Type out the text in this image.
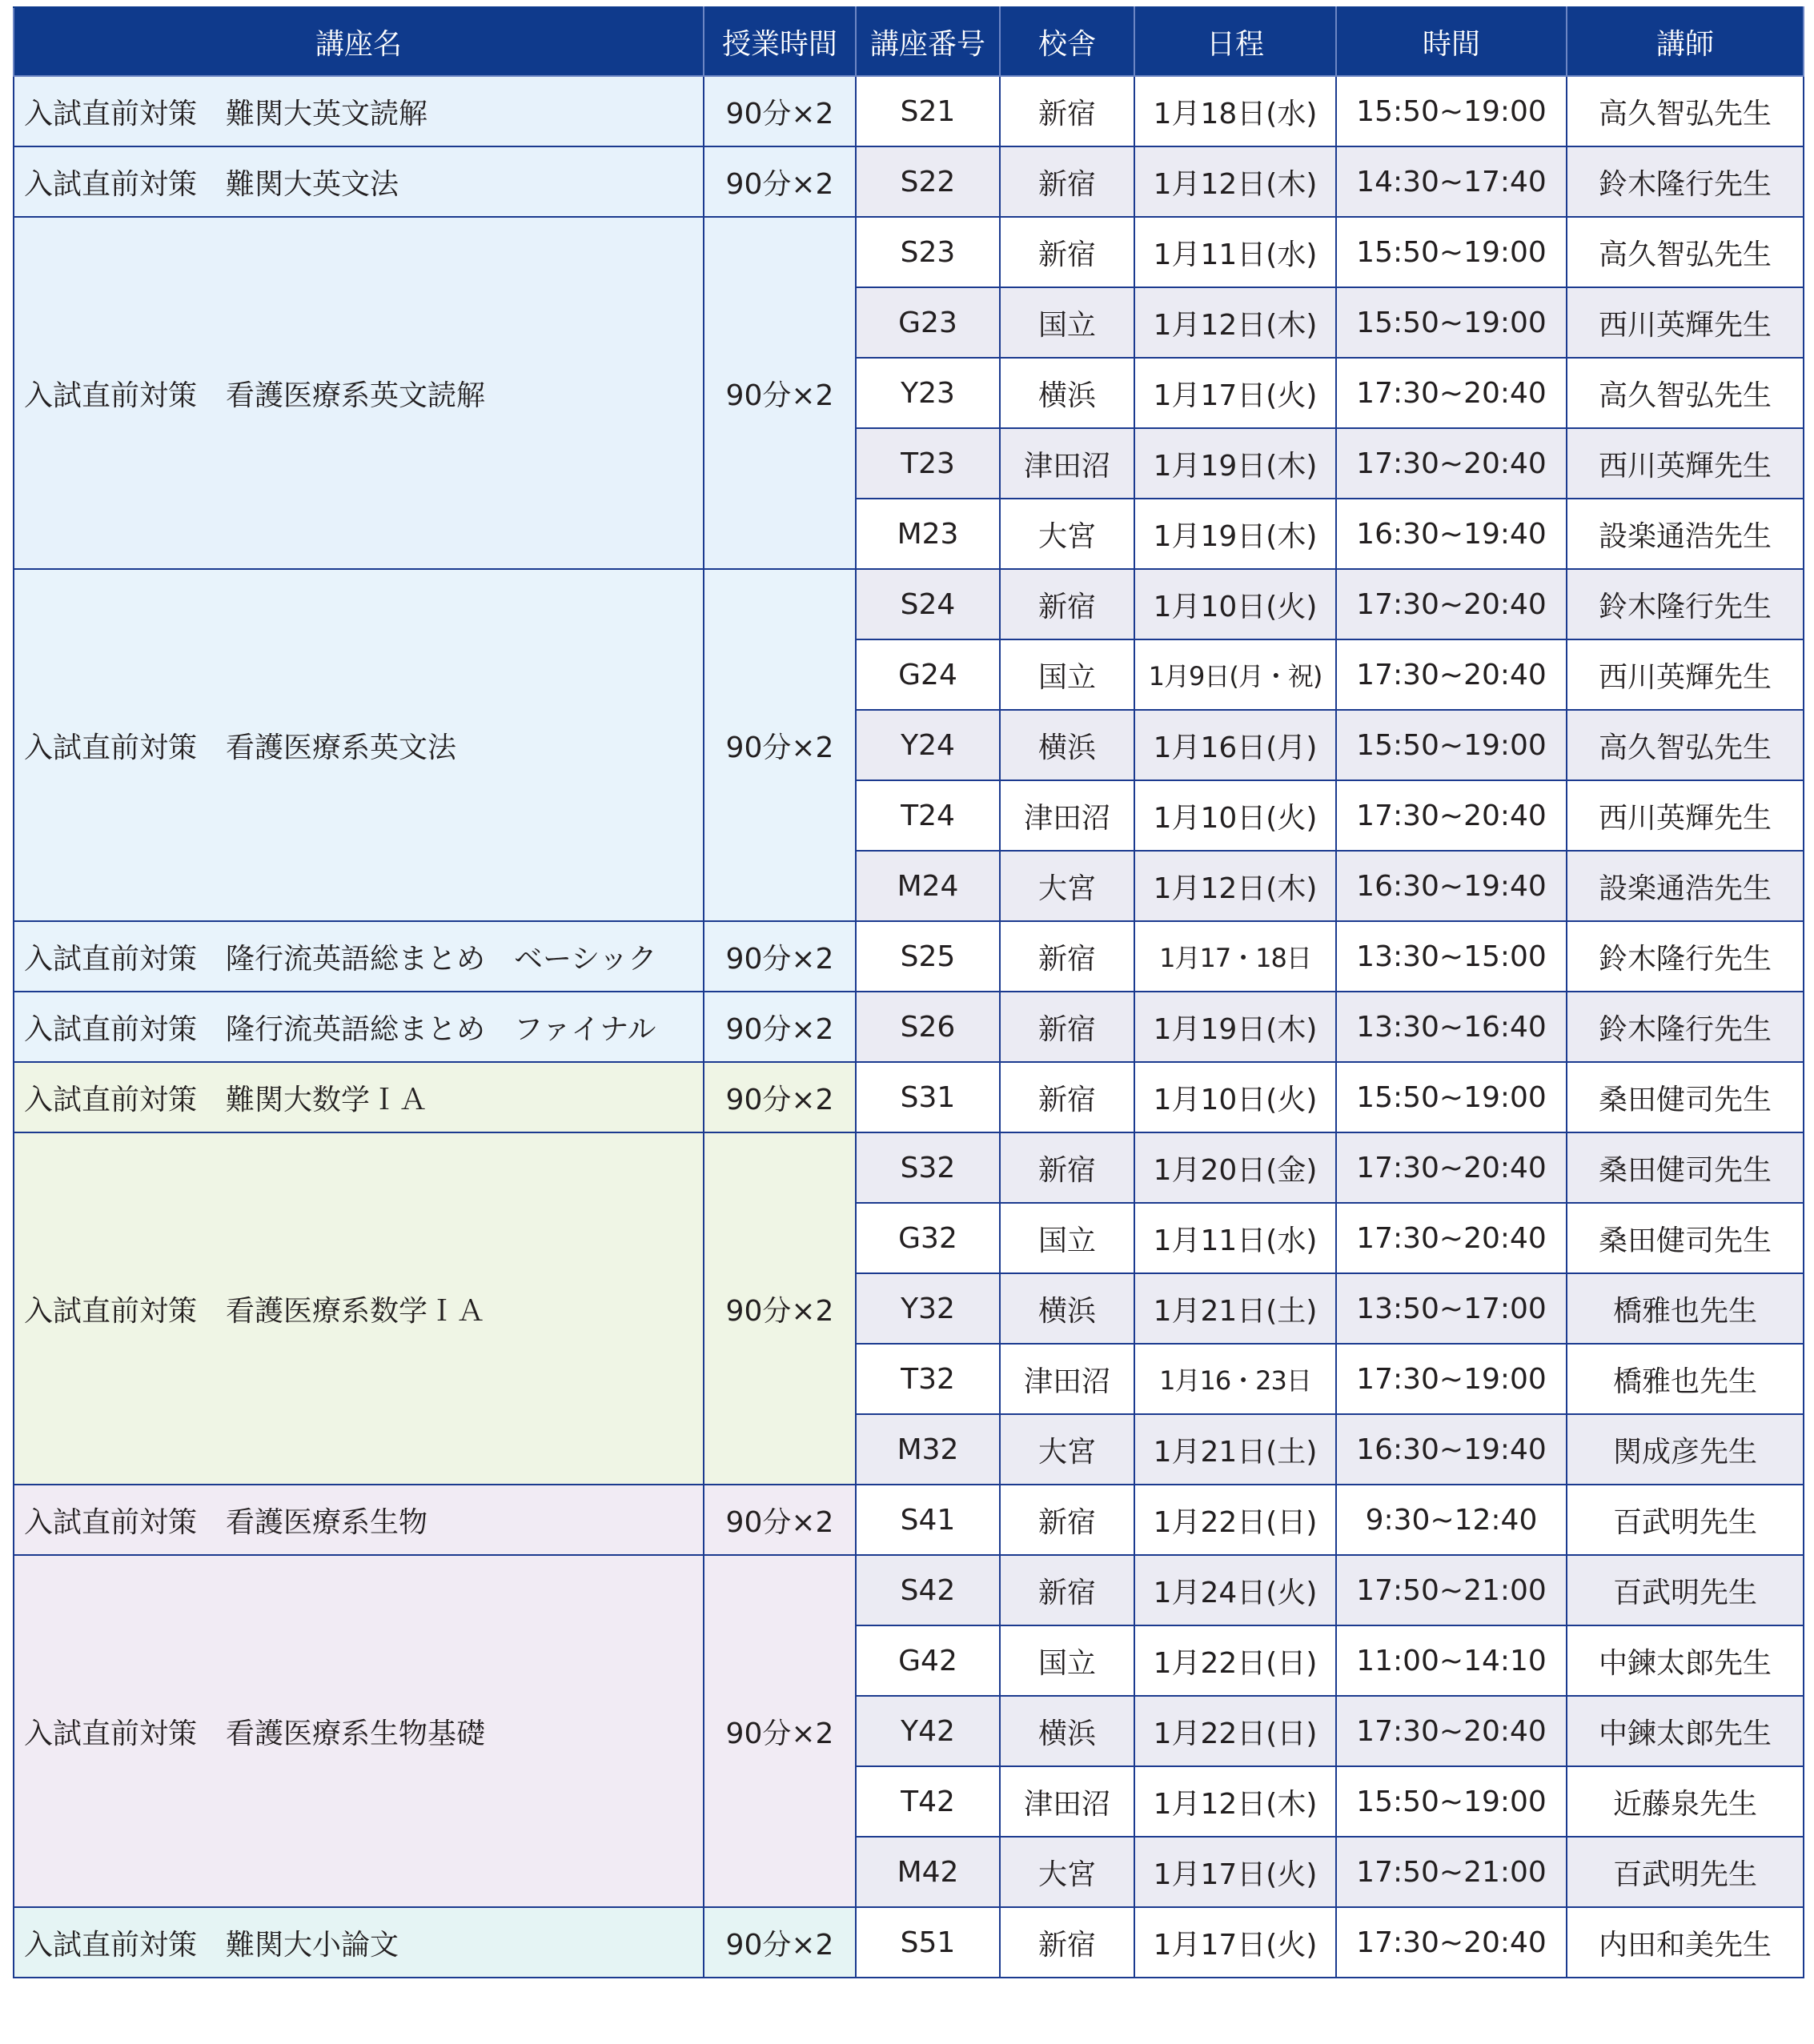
講座名	授業時間	講座番号	校舎	日程	時間	講師
入試直前対策　難関大英文読解	90分×2	S21	新宿	1月18日(水)	15:50~19:00	高久智弘先生
入試直前対策　難関大英文法	90分×2	S22	新宿	1月12日(木)	14:30~17:40	鈴木隆行先生
入試直前対策　看護医療系英文読解	90分×2	S23	新宿	1月11日(水)	15:50~19:00	高久智弘先生
		G23	国立	1月12日(木)	15:50~19:00	西川英輝先生
		Y23	横浜	1月17日(火)	17:30~20:40	高久智弘先生
		T23	津田沼	1月19日(木)	17:30~20:40	西川英輝先生
		M23	大宮	1月19日(木)	16:30~19:40	設楽通浩先生
入試直前対策　看護医療系英文法	90分×2	S24	新宿	1月10日(火)	17:30~20:40	鈴木隆行先生
		G24	国立	1月9日(月・祝)	17:30~20:40	西川英輝先生
		Y24	横浜	1月16日(月)	15:50~19:00	高久智弘先生
		T24	津田沼	1月10日(火)	17:30~20:40	西川英輝先生
		M24	大宮	1月12日(木)	16:30~19:40	設楽通浩先生
入試直前対策　隆行流英語総まとめ　ベーシック	90分×2	S25	新宿	1月17・18日	13:30~15:00	鈴木隆行先生
入試直前対策　隆行流英語総まとめ　ファイナル	90分×2	S26	新宿	1月19日(木)	13:30~16:40	鈴木隆行先生
入試直前対策　難関大数学ＩＡ	90分×2	S31	新宿	1月10日(火)	15:50~19:00	桑田健司先生
入試直前対策　看護医療系数学ＩＡ	90分×2	S32	新宿	1月20日(金)	17:30~20:40	桑田健司先生
		G32	国立	1月11日(水)	17:30~20:40	桑田健司先生
		Y32	横浜	1月21日(土)	13:50~17:00	橋雅也先生
		T32	津田沼	1月16・23日	17:30~19:00	橋雅也先生
		M32	大宮	1月21日(土)	16:30~19:40	関成彦先生
入試直前対策　看護医療系生物	90分×2	S41	新宿	1月22日(日)	9:30~12:40	百武明先生
入試直前対策　看護医療系生物基礎	90分×2	S42	新宿	1月24日(火)	17:50~21:00	百武明先生
		G42	国立	1月22日(日)	11:00~14:10	中鍊太郎先生
		Y42	横浜	1月22日(日)	17:30~20:40	中鍊太郎先生
		T42	津田沼	1月12日(木)	15:50~19:00	近藤泉先生
		M42	大宮	1月17日(火)	17:50~21:00	百武明先生
入試直前対策　難関大小論文	90分×2	S51	新宿	1月17日(火)	17:30~20:40	内田和美先生
